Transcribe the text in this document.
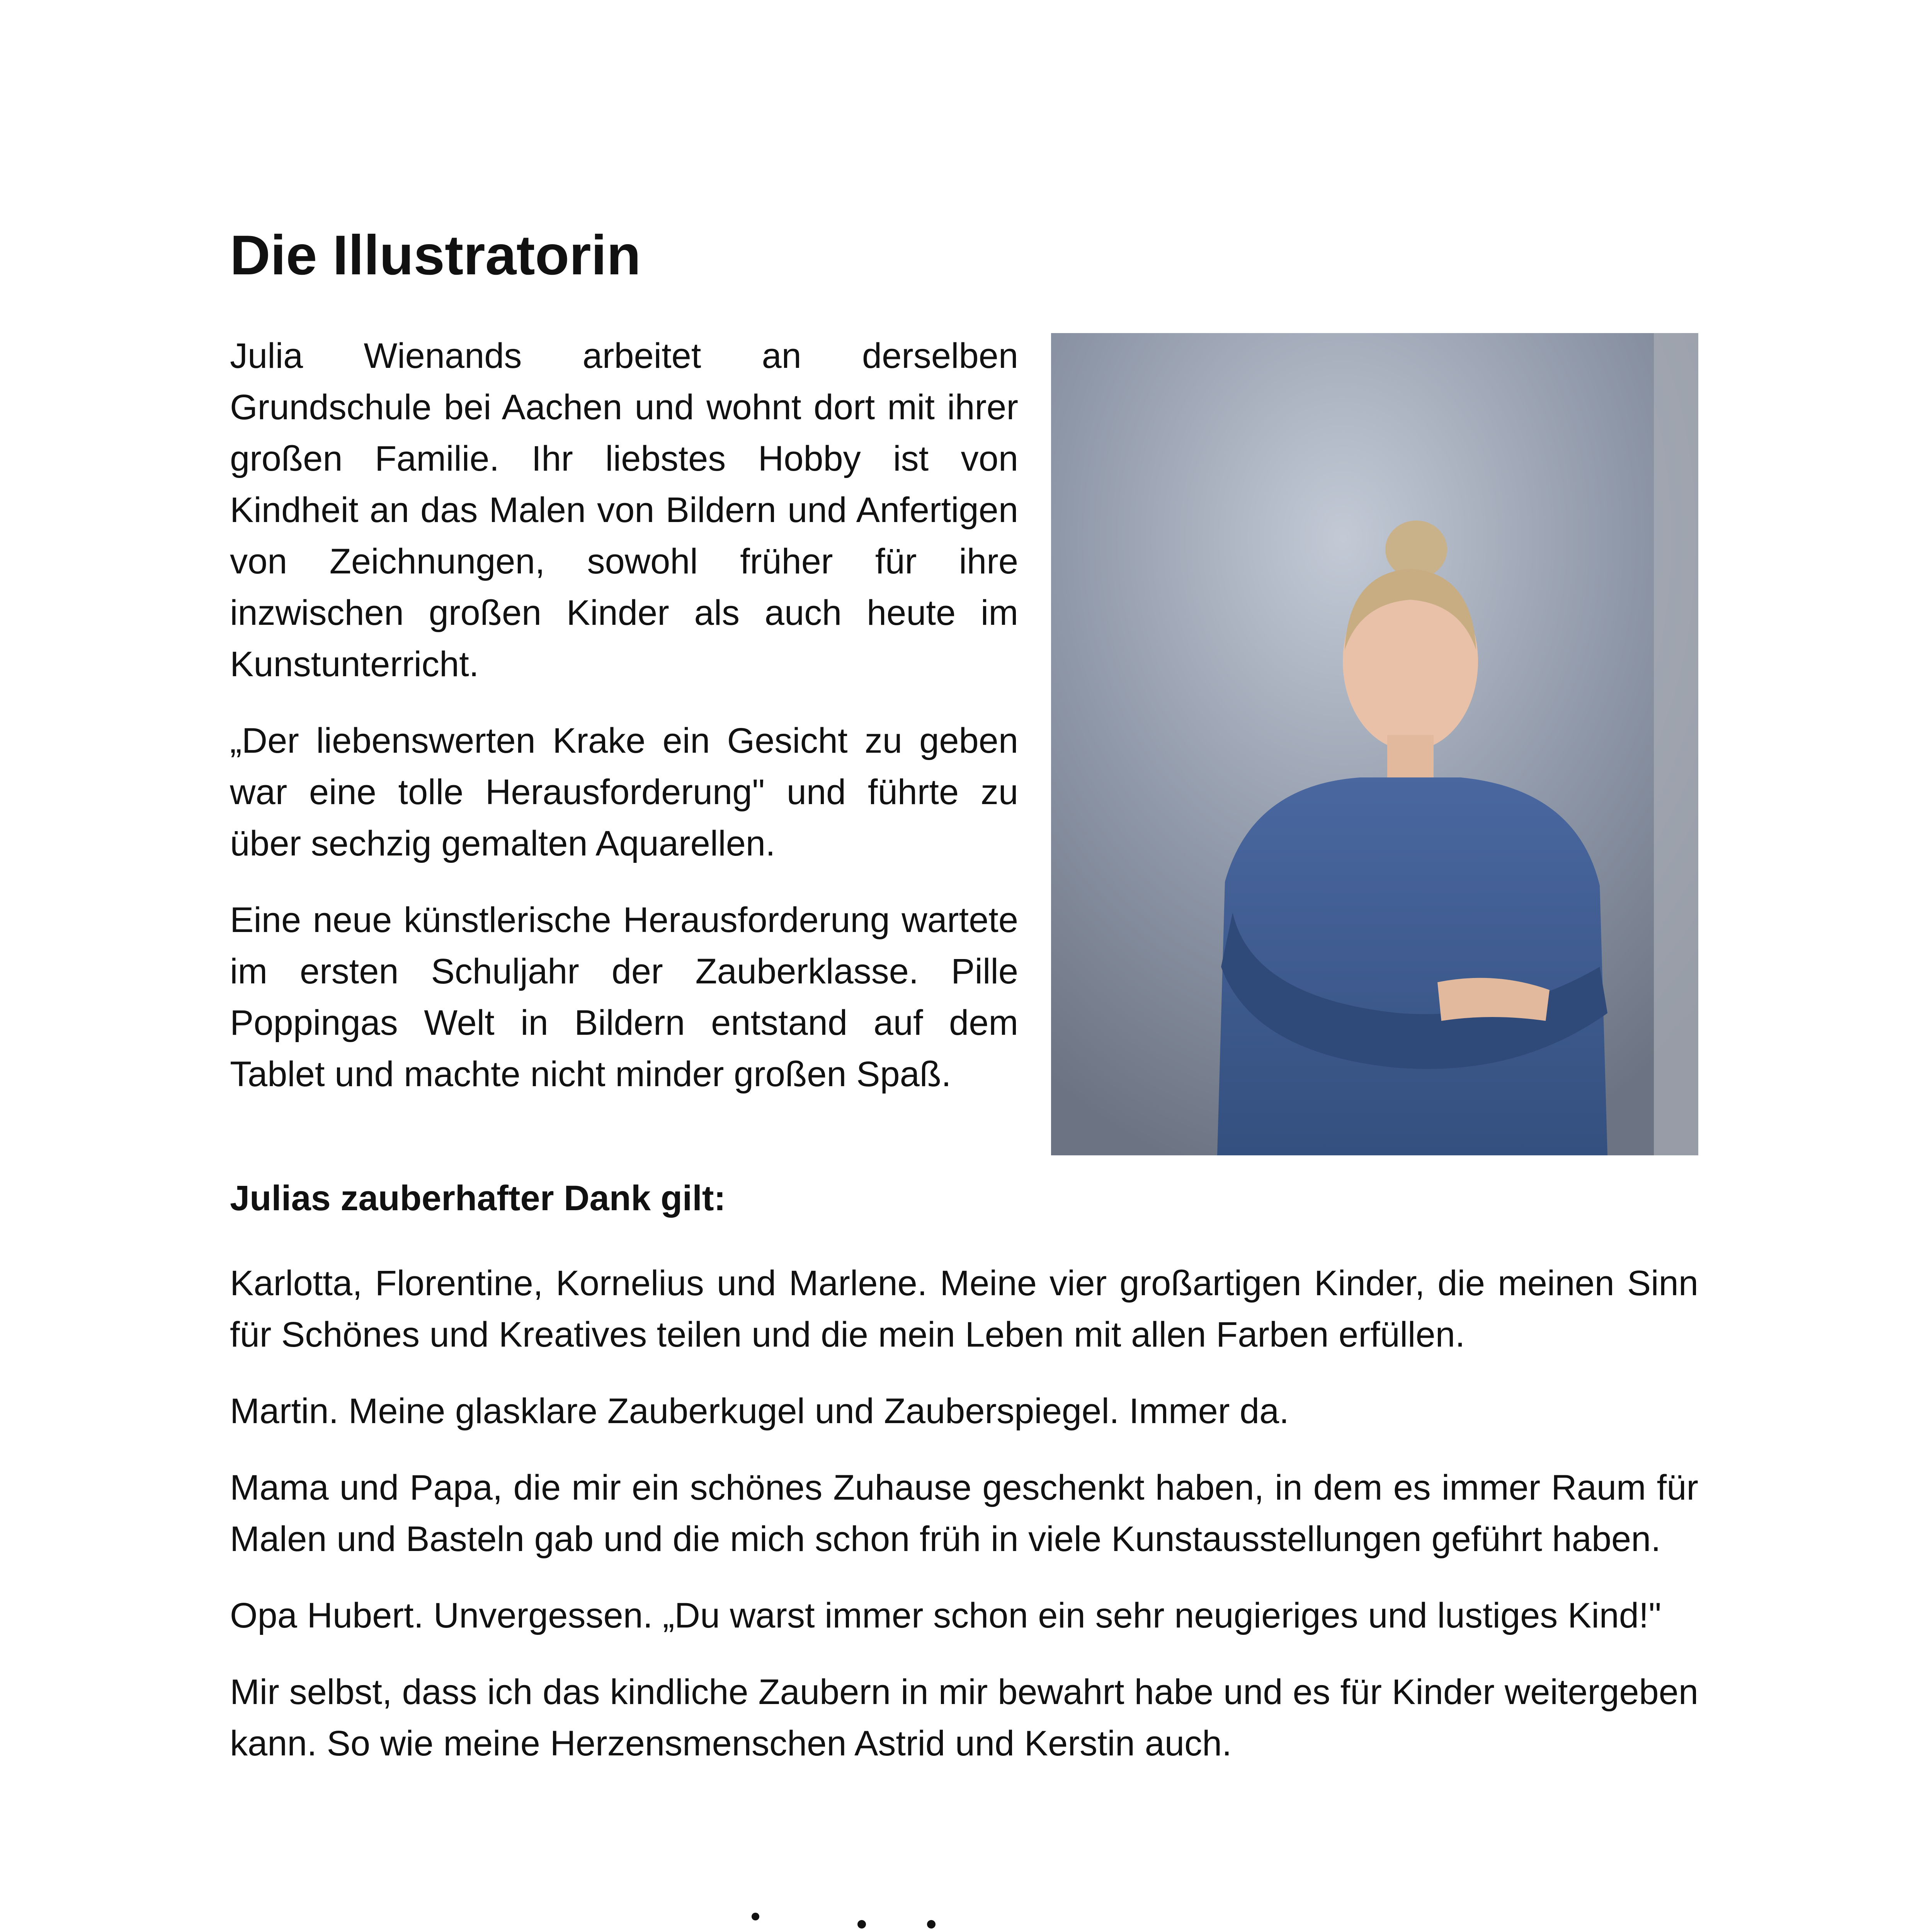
Die Illustratorin

Julia Wienands arbeitet an derselben Grundschule bei Aachen und wohnt dort mit ihrer großen Familie. Ihr liebstes Hobby ist von Kindheit an das Malen von Bildern und Anfertigen von Zeichnungen, sowohl früher für ihre inzwischen großen Kinder als auch heute im Kunstunterricht.

„Der liebenswerten Krake ein Gesicht zu geben war eine tolle Herausforderung" und führte zu über sechzig gemalten Aquarellen.

Eine neue künstlerische Herausforderung wartete im ersten Schuljahr der Zauberklasse. Pille Poppingas Welt in Bildern entstand auf dem Tablet und machte nicht minder großen Spaß.

Julias zauberhafter Dank gilt:

Karlotta, Florentine, Kornelius und Marlene. Meine vier großartigen Kinder, die meinen Sinn für Schönes und Kreatives teilen und die mein Leben mit allen Farben erfüllen.

Martin. Meine glasklare Zauberkugel und Zauberspiegel. Immer da.

Mama und Papa, die mir ein schönes Zuhause geschenkt haben, in dem es immer Raum für Malen und Basteln gab und die mich schon früh in viele Kunstausstellungen geführt haben.

Opa Hubert. Unvergessen. „Du warst immer schon ein sehr neugieriges und lustiges Kind!"

Mir selbst, dass ich das kindliche Zaubern in mir bewahrt habe und es für Kinder weitergeben kann. So wie meine Herzensmenschen Astrid und Kerstin auch.
